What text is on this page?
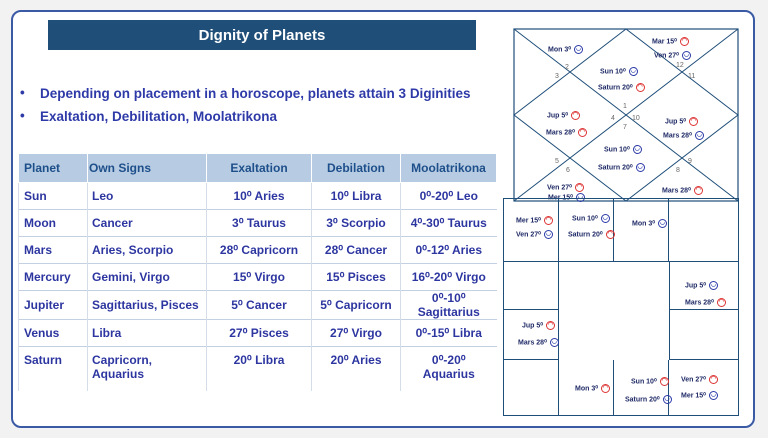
Dignity of Planets
• Depending on placement in a horoscope, planets attain 3 Diginities
• Exaltation, Debilitation, Moolatrikona
Planet	Own Signs	Exaltation	Debilation	Moolatrikona
Sun	Leo	10⁰ Aries	10⁰ Libra	0⁰-20⁰ Leo
Moon	Cancer	3⁰ Taurus	3⁰ Scorpio	4⁰-30⁰ Taurus
Mars	Aries, Scorpio	28⁰ Capricorn	28⁰ Cancer	0⁰-12⁰ Aries
Mercury	Gemini, Virgo	15⁰ Virgo	15⁰ Pisces	16⁰-20⁰ Virgo
Jupiter	Sagittarius, Pisces	5⁰ Cancer	5⁰ Capricorn	0⁰-10⁰ Sagittarius
Venus	Libra	27⁰ Pisces	27⁰ Virgo	0⁰-15⁰ Libra
Saturn	Capricorn, Aquarius	20⁰ Libra	20⁰ Aries	0⁰-20⁰ Aquarius
1
2
3
4
5
6
7
8
9
10
11
12
Mon 3⁰ ◡
Mar 15⁰ ◠
Ven 27⁰ ◡
Sun 10⁰ ◡
Saturn 20⁰ ◠
Jup 5⁰ ◠
Jup 5⁰ ◠
Mars 28⁰ ◠
Mars 28⁰ ◡
Sun 10⁰ ◡
Saturn 20⁰ ◡
Ven 27⁰ ◠
Mer 15⁰ ◡
Mars 28⁰ ◠
Mer 15⁰ ◠
Ven 27⁰ ◡
Sun 10⁰ ◡
Saturn 20⁰ ◠
Mon 3⁰ ◡
Jup 5⁰ ◡
Mars 28⁰ ◠
Jup 5⁰ ◠
Mars 28⁰ ◡
Mon 3⁰ ◠
Sun 10⁰ ◠
Saturn 20⁰ ◡
Ven 27⁰ ◠
Mer 15⁰ ◡
